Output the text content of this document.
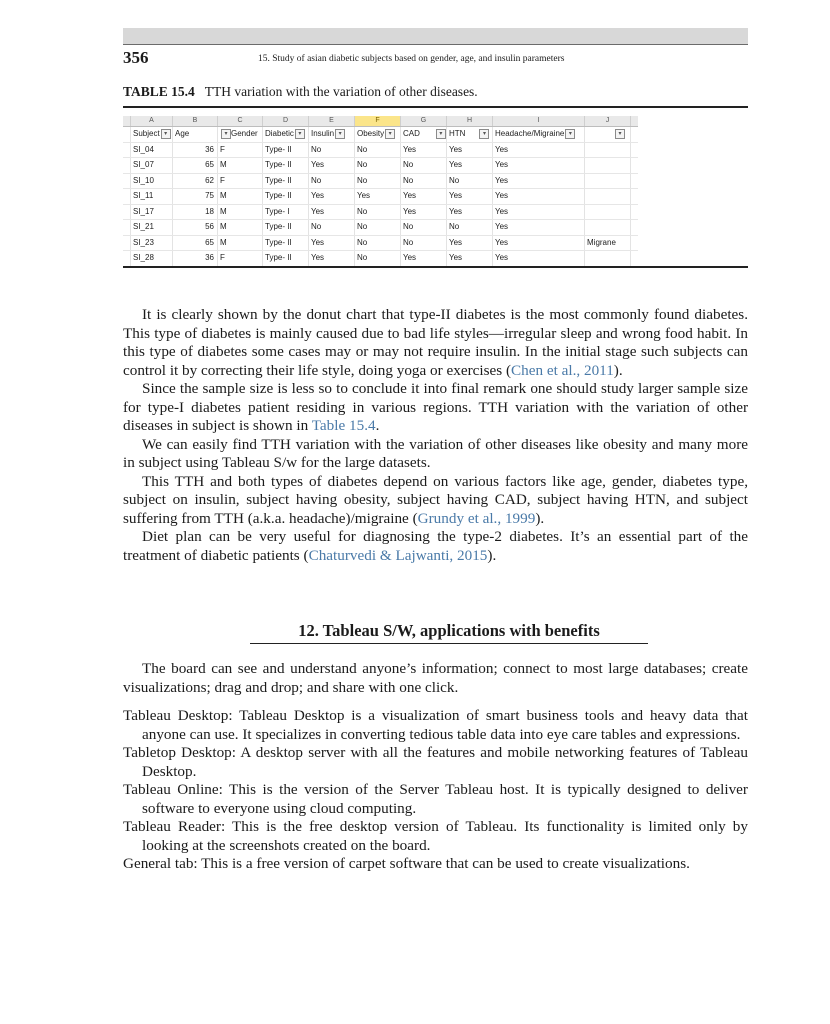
356	15. Study of asian diabetic subjects based on gender, age, and insulin parameters
TABLE 15.4 TTH variation with the variation of other diseases.
A	B	C	D	E	F	G	H	I	J
Subject ▾ Age	▾ Gender Diabetic ▾	Insulin ▾	Obesity ▾	CAD	▾ HTN	▾	Headache/Migraine ▾	▾
SI_04	36 F	Type- II	No	No	Yes	Yes	Yes
SI_07	65 M	Type- II	Yes	No	No	Yes	Yes
SI_10	62 F	Type- II	No	No	No	No	Yes
SI_11	75 M	Type- II	Yes	Yes	Yes	Yes	Yes
SI_17	18 M	Type- I	Yes	No	Yes	Yes	Yes
SI_21	56 M	Type- II	No	No	No	No	Yes
SI_23	65 M	Type- II	Yes	No	No	Yes	Yes	Migrane
SI_28	36 F	Type- II	Yes	No	Yes	Yes	Yes

It is clearly shown by the donut chart that type-II diabetes is the most commonly found diabetes. This type of diabetes is mainly caused due to bad life styles—irregular sleep and wrong food habit. In this type of diabetes some cases may or may not require insulin. In the initial stage such subjects can control it by correcting their life style, doing yoga or exercises (Chen et al., 2011).

Since the sample size is less so to conclude it into final remark one should study larger sample size for type-I diabetes patient residing in various regions. TTH variation with the variation of other diseases in subject is shown in Table 15.4.

We can easily find TTH variation with the variation of other diseases like obesity and many more in subject using Tableau S/w for the large datasets.

This TTH and both types of diabetes depend on various factors like age, gender, diabetes type, subject on insulin, subject having obesity, subject having CAD, subject having HTN, and subject suffering from TTH (a.k.a. headache)/migraine (Grundy et al., 1999).

Diet plan can be very useful for diagnosing the type-2 diabetes. It’s an essential part of the treatment of diabetic patients (Chaturvedi & Lajwanti, 2015).

12. Tableau S/W, applications with benefits

The board can see and understand anyone’s information; connect to most large databases; create visualizations; drag and drop; and share with one click.

Tableau Desktop: Tableau Desktop is a visualization of smart business tools and heavy data that anyone can use. It specializes in converting tedious table data into eye care tables and expressions.

Tabletop Desktop: A desktop server with all the features and mobile networking features of Tableau Desktop.

Tableau Online: This is the version of the Server Tableau host. It is typically designed to deliver software to everyone using cloud computing.

Tableau Reader: This is the free desktop version of Tableau. Its functionality is limited only by looking at the screenshots created on the board.

General tab: This is a free version of carpet software that can be used to create visualizations.
